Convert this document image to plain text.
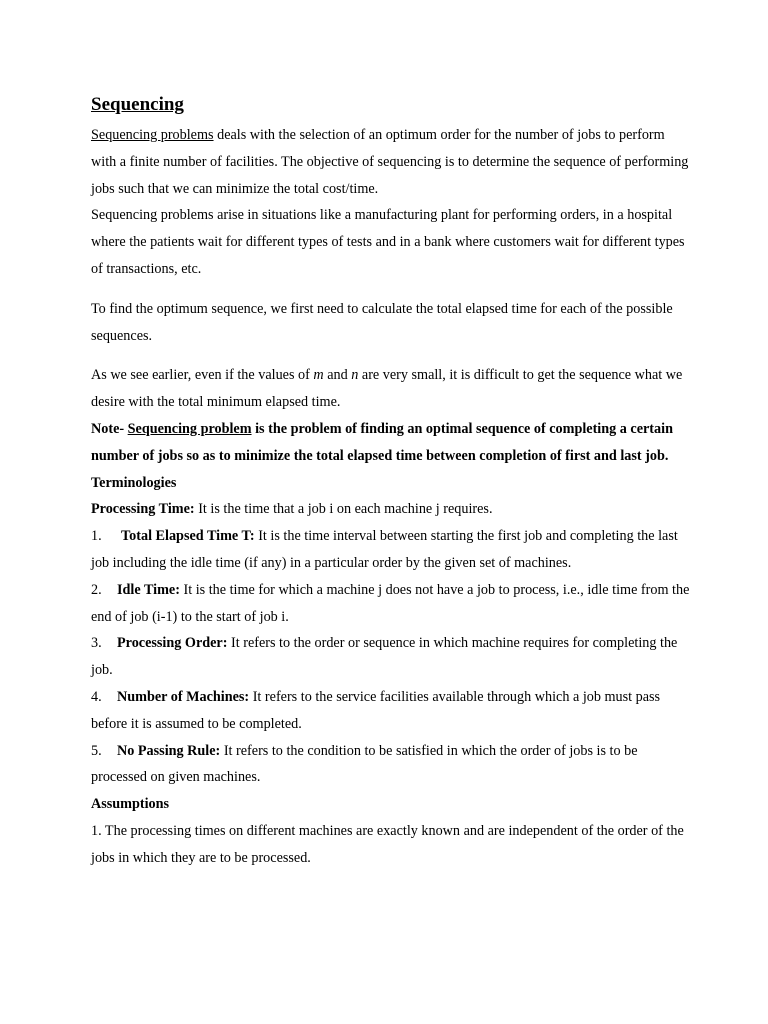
Sequencing

Sequencing problems deals with the selection of an optimum order for the number of jobs to perform with a finite number of facilities. The objective of sequencing is to determine the sequence of performing jobs such that we can minimize the total cost/time.

Sequencing problems arise in situations like a manufacturing plant for performing orders, in a hospital where the patients wait for different types of tests and in a bank where customers wait for different types of transactions, etc.

To find the optimum sequence, we first need to calculate the total elapsed time for each of the possible sequences.

As we see earlier, even if the values of m and n are very small, it is difficult to get the sequence what we desire with the total minimum elapsed time.

Note- Sequencing problem is the problem of finding an optimal sequence of completing a certain number of jobs so as to minimize the total elapsed time between completion of first and last job.

Terminologies

Processing Time: It is the time that a job i on each machine j requires.

1. Total Elapsed Time T: It is the time interval between starting the first job and completing the last job including the idle time (if any) in a particular order by the given set of machines.

2. Idle Time: It is the time for which a machine j does not have a job to process, i.e., idle time from the end of job (i-1) to the start of job i.

3. Processing Order: It refers to the order or sequence in which machine requires for completing the job.

4. Number of Machines: It refers to the service facilities available through which a job must pass before it is assumed to be completed.

5. No Passing Rule: It refers to the condition to be satisfied in which the order of jobs is to be processed on given machines.

Assumptions

1. The processing times on different machines are exactly known and are independent of the order of the jobs in which they are to be processed.
